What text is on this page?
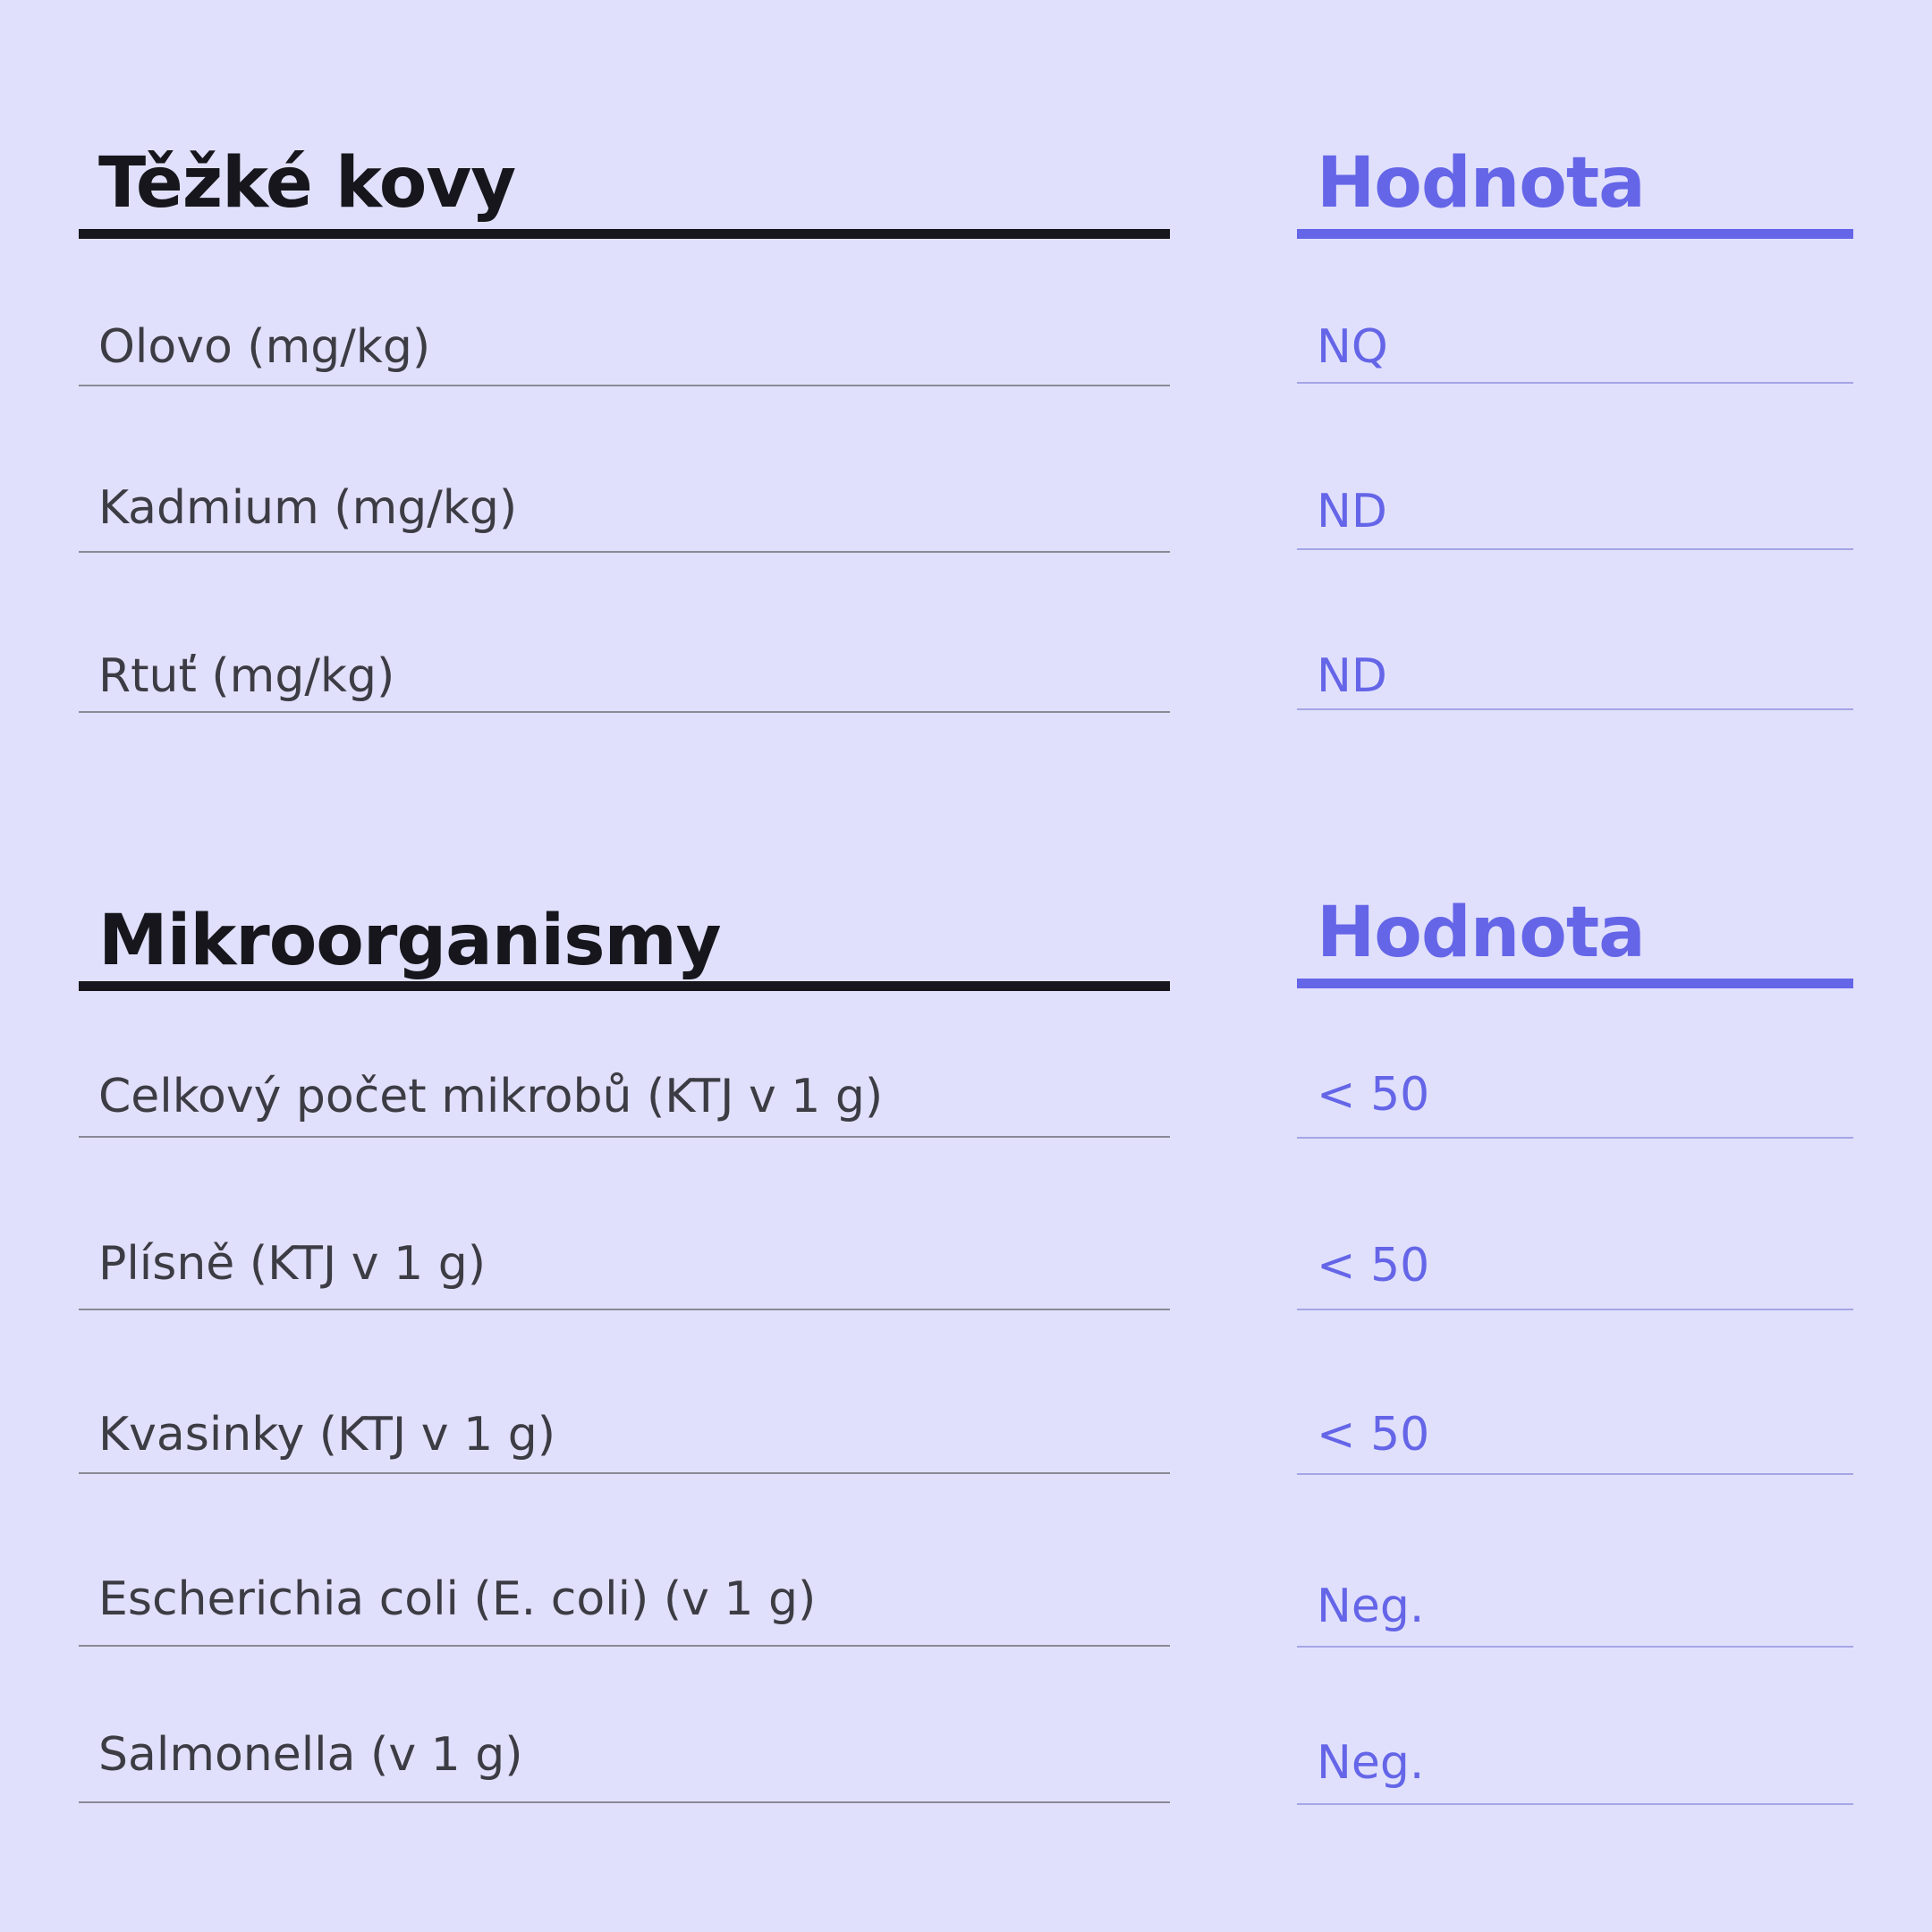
Těžké kovy	Hodnota
Olovo (mg/kg)	NQ
Kadmium (mg/kg)	ND
Rtuť (mg/kg)	ND
Mikroorganismy	Hodnota
Celkový počet mikrobů (KTJ v 1 g)	< 50
Plísně (KTJ v 1 g)	< 50
Kvasinky (KTJ v 1 g)	< 50
Escherichia coli (E. coli) (v 1 g)	Neg.
Salmonella (v 1 g)	Neg.
